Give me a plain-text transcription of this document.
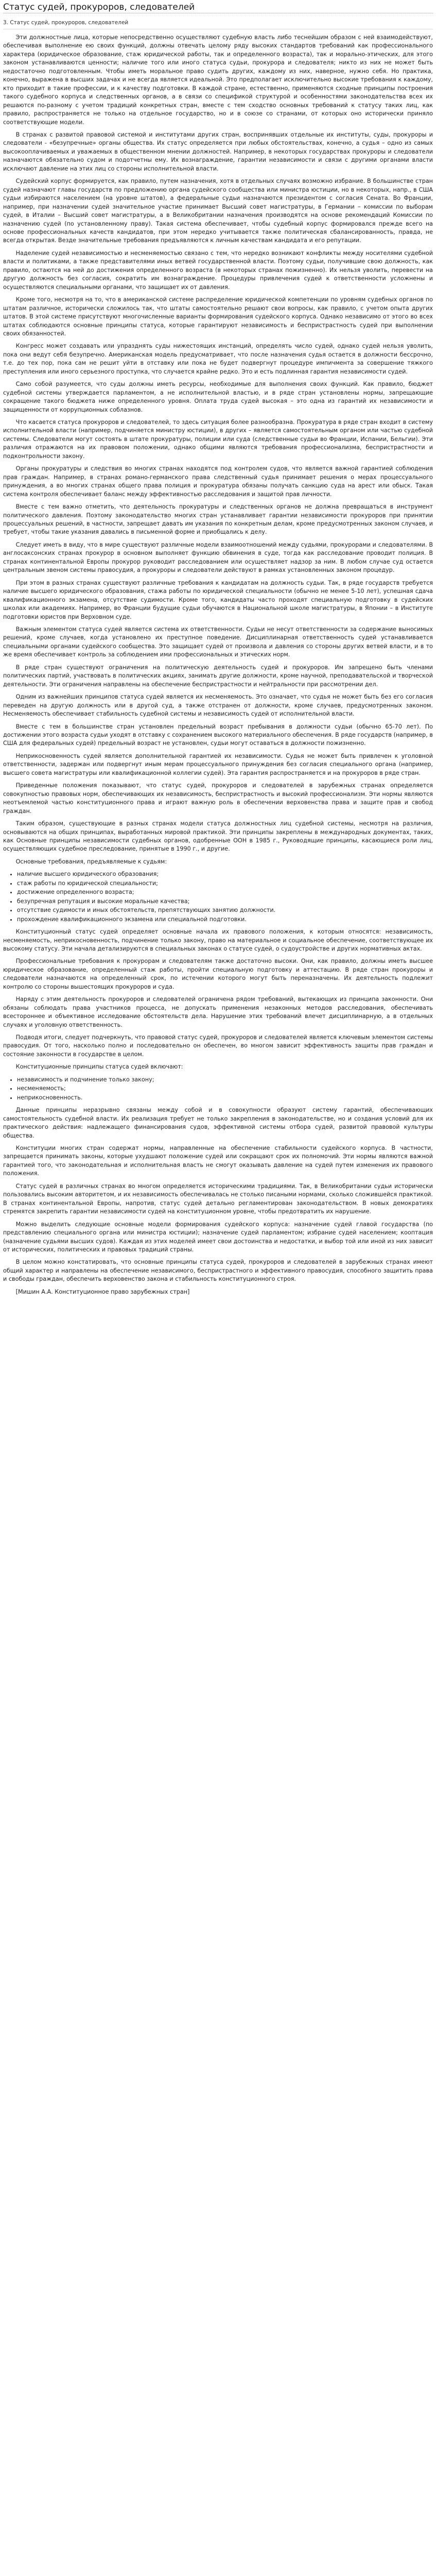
Статус судей, прокуроров, следователей
3. Статус судей, прокуроров, следователей

Эти должностные лица, которые непосредственно осуществляют судебную власть либо теснейшим образом с ней взаимодействуют, обеспечивая выполнение ею своих функций, должны отвечать целому ряду высоких стандартов требований как профессионального характера (юридическое образование, стаж юридической работы, так и определенного возраста), так и морально-этических, для этого законом устанавливаются ценности; наличие того или иного статуса судьи, прокурора и следователя; никто из них не может быть недостаточно подготовленным. Чтобы иметь моральное право судить других, каждому из них, наверное, нужно себя. Но практика, конечно, выражена в высших задачах и не всегда является идеальной. Это предполагает исключительно высокие требования к каждому, кто приходит в такие профессии, и к качеству подготовки. В каждой стране, естественно, применяются сходные принципы построения такого судебного корпуса и следственных органов, а в связи со спецификой структурой и особенностями законодательства всех их решаются по-разному с учетом традиций конкретных стран, вместе с тем сходство основных требований к статусу таких лиц, как правило, распространяется не только на отдельное государство, но и в союзе со странами, от которых оно исторически приняло соответствующие модели.

В странах с развитой правовой системой и институтами других стран, воспринявших отдельные их институты, суды, прокуроры и следователи - «безупречные» органы общества. Их статус определяется при любых обстоятельствах, конечно, а судья – одно из самых высокооплачиваемых и уважаемых в общественном мнении должностей. Например, в некоторых государствах прокуроры и следователи назначаются обязательно судом и подотчетны ему. Их вознаграждение, гарантии независимости и связи с другими органами власти исключают давление на этих лиц со стороны исполнительной власти.

Судейский корпус формируется, как правило, путем назначения, хотя в отдельных случаях возможно избрание. В большинстве стран судей назначают главы государств по предложению органа судейского сообщества или министра юстиции, но в некоторых, напр., в США судьи избираются населением (на уровне штатов), а федеральные судьи назначаются президентом с согласия Сената. Во Франции, например, при назначении судей значительное участие принимает Высший совет магистратуры, в Германии – комиссии по выборам судей, в Италии – Высший совет магистратуры, а в Великобритании назначения производятся на основе рекомендаций Комиссии по назначению судей (по установленному праву). Такая система обеспечивает, чтобы судебный корпус формировался прежде всего на основе профессиональных качеств кандидатов, при этом нередко учитывается также политическая сбалансированность, правда, не всегда открытая. Везде значительные требования предъявляются к личным качествам кандидата и его репутации.

Наделение судей независимостью и несменяемостью связано с тем, что нередко возникают конфликты между носителями судебной власти и политиками, а также представителями иных ветвей государственной власти. Поэтому судьи, получившие свою должность, как правило, остаются на ней до достижения определенного возраста (в некоторых странах пожизненно). Их нельзя уволить, перевести на другую должность без согласия, сократить им вознаграждение. Процедуры привлечения судей к ответственности усложнены и осуществляются специальными органами, что защищает их от давления.

Кроме того, несмотря на то, что в американской системе распределение юридической компетенции по уровням судебных органов по штатам различное, исторически сложилось так, что штаты самостоятельно решают свои вопросы, как правило, с учетом опыта других штатов. В этой системе присутствуют многочисленные варианты формирования судейского корпуса. Однако независимо от этого во всех штатах соблюдаются основные принципы статуса, которые гарантируют независимость и беспристрастность судей при выполнении своих обязанностей.

Конгресс может создавать или упразднять суды нижестоящих инстанций, определять число судей, однако судей нельзя уволить, пока они ведут себя безупречно. Американская модель предусматривает, что после назначения судья остается в должности бессрочно, т.е. до тех пор, пока сам не решит уйти в отставку или пока не будет подвергнут процедуре импичмента за совершение тяжкого преступления или иного серьезного проступка, что случается крайне редко. Это и есть подлинная гарантия независимости судей.

Само собой разумеется, что суды должны иметь ресурсы, необходимые для выполнения своих функций. Как правило, бюджет судебной системы утверждается парламентом, а не исполнительной властью, и в ряде стран установлены нормы, запрещающие сокращение такого бюджета ниже определенного уровня. Оплата труда судей высокая – это одна из гарантий их независимости и защищенности от коррупционных соблазнов.

Что касается статуса прокуроров и следователей, то здесь ситуация более разнообразна. Прокуратура в ряде стран входит в систему исполнительной власти (например, подчиняется министру юстиции), в других – является самостоятельным органом или частью судебной системы. Следователи могут состоять в штате прокуратуры, полиции или суда (следственные судьи во Франции, Испании, Бельгии). Эти различия отражаются на их правовом положении, однако общими являются требования профессионализма, беспристрастности и подконтрольности закону.

Органы прокуратуры и следствия во многих странах находятся под контролем судов, что является важной гарантией соблюдения прав граждан. Например, в странах романо-германского права следственный судья принимает решения о мерах процессуального принуждения, а во многих странах общего права полиция и прокуратура обязаны получать санкцию суда на арест или обыск. Такая система контроля обеспечивает баланс между эффективностью расследования и защитой прав личности.

Вместе с тем важно отметить, что деятельность прокуратуры и следственных органов не должна превращаться в инструмент политического давления. Поэтому законодательство многих стран устанавливает гарантии независимости прокуроров при принятии процессуальных решений, в частности, запрещает давать им указания по конкретным делам, кроме предусмотренных законом случаев, и требует, чтобы такие указания давались в письменной форме и приобщались к делу.

Следует иметь в виду, что в мире существуют различные модели взаимоотношений между судьями, прокурорами и следователями. В англосаксонских странах прокурор в основном выполняет функцию обвинения в суде, тогда как расследование проводит полиция. В странах континентальной Европы прокурор руководит расследованием или осуществляет надзор за ним. В любом случае суд остается центральным звеном системы правосудия, а прокуроры и следователи действуют в рамках установленных законом процедур.

При этом в разных странах существуют различные требования к кандидатам на должность судьи. Так, в ряде государств требуется наличие высшего юридического образования, стажа работы по юридической специальности (обычно не менее 5-10 лет), успешная сдача квалификационного экзамена, отсутствие судимости. Кроме того, кандидаты часто проходят специальную подготовку в судейских школах или академиях. Например, во Франции будущие судьи обучаются в Национальной школе магистратуры, в Японии – в Институте подготовки юристов при Верховном суде.

Важным элементом статуса судей является система их ответственности. Судьи не несут ответственности за содержание выносимых решений, кроме случаев, когда установлено их преступное поведение. Дисциплинарная ответственность судей устанавливается специальными органами судейского сообщества. Это защищает судей от произвола и давления со стороны других ветвей власти, и в то же время обеспечивает контроль за соблюдением ими профессиональных и этических норм.

В ряде стран существуют ограничения на политическую деятельность судей и прокуроров. Им запрещено быть членами политических партий, участвовать в политических акциях, занимать другие должности, кроме научной, преподавательской и творческой деятельности. Эти ограничения направлены на обеспечение беспристрастности и нейтральности при рассмотрении дел.

Одним из важнейших принципов статуса судей является их несменяемость. Это означает, что судья не может быть без его согласия переведен на другую должность или в другой суд, а также отстранен от должности, кроме случаев, предусмотренных законом. Несменяемость обеспечивает стабильность судебной системы и независимость судей от исполнительной власти.

Вместе с тем в большинстве стран установлен предельный возраст пребывания в должности судьи (обычно 65-70 лет). По достижении этого возраста судьи уходят в отставку с сохранением высокого материального обеспечения. В ряде государств (например, в США для федеральных судей) предельный возраст не установлен, судьи могут оставаться в должности пожизненно.

Неприкосновенность судей является дополнительной гарантией их независимости. Судья не может быть привлечен к уголовной ответственности, задержан или подвергнут иным мерам процессуального принуждения без согласия специального органа (например, высшего совета магистратуры или квалификационной коллегии судей). Эта гарантия распространяется и на прокуроров в ряде стран.

Приведенные положения показывают, что статус судей, прокуроров и следователей в зарубежных странах определяется совокупностью правовых норм, обеспечивающих их независимость, беспристрастность и высокий профессионализм. Эти нормы являются неотъемлемой частью конституционного права и играют важную роль в обеспечении верховенства права и защите прав и свобод граждан.

Таким образом, существующие в разных странах модели статуса должностных лиц судебной системы, несмотря на различия, основываются на общих принципах, выработанных мировой практикой. Эти принципы закреплены в международных документах, таких, как Основные принципы независимости судебных органов, одобренные ООН в 1985 г., Руководящие принципы, касающиеся роли лиц, осуществляющих судебное преследование, принятые в 1990 г., и другие.

Основные требования, предъявляемые к судьям:

• наличие высшего юридического образования;
• стаж работы по юридической специальности;
• достижение определенного возраста;
• безупречная репутация и высокие моральные качества;
• отсутствие судимости и иных обстоятельств, препятствующих занятию должности.
• прохождение квалификационного экзамена или специальной подготовки.

Конституционный статус судей определяет основные начала их правового положения, к которым относятся: независимость, несменяемость, неприкосновенность, подчинение только закону, право на материальное и социальное обеспечение, соответствующее их высокому статусу. Эти начала детализируются в специальных законах о статусе судей, о судоустройстве и других нормативных актах.

Профессиональные требования к прокурорам и следователям также достаточно высоки. Они, как правило, должны иметь высшее юридическое образование, определенный стаж работы, пройти специальную подготовку и аттестацию. В ряде стран прокуроры и следователи назначаются на определенный срок, по истечении которого могут быть переназначены. Их деятельность подлежит контролю со стороны вышестоящих прокуроров и суда.

Наряду с этим деятельность прокуроров и следователей ограничена рядом требований, вытекающих из принципа законности. Они обязаны соблюдать права участников процесса, не допускать применения незаконных методов расследования, обеспечивать всестороннее и объективное исследование обстоятельств дела. Нарушение этих требований влечет дисциплинарную, а в отдельных случаях и уголовную ответственность.

Подводя итоги, следует подчеркнуть, что правовой статус судей, прокуроров и следователей является ключевым элементом системы правосудия. От того, насколько полно и последовательно он обеспечен, во многом зависит эффективность защиты прав граждан и состояние законности в государстве в целом.

Конституционные принципы статуса судей включают:

• независимость и подчинение только закону;
• несменяемость;
• неприкосновенность.

Данные принципы неразрывно связаны между собой и в совокупности образуют систему гарантий, обеспечивающих самостоятельность судебной власти. Их реализация требует не только закрепления в законодательстве, но и создания условий для их практического действия: надлежащего финансирования судов, эффективной системы отбора судей, развитой правовой культуры общества.

Конституции многих стран содержат нормы, направленные на обеспечение стабильности судейского корпуса. В частности, запрещается принимать законы, которые ухудшают положение судей или сокращают срок их полномочий. Эти нормы являются важной гарантией того, что законодательная и исполнительная власть не смогут оказывать давление на судей путем изменения их правового положения.

Статус судей в различных странах во многом определяется историческими традициями. Так, в Великобритании судьи исторически пользовались высоким авторитетом, и их независимость обеспечивалась не столько писаными нормами, сколько сложившейся практикой. В странах континентальной Европы, напротив, статус судей детально регламентирован законодательством. В новых демократиях стремятся закрепить гарантии независимости судей на конституционном уровне, чтобы предотвратить их нарушение.

Можно выделить следующие основные модели формирования судейского корпуса: назначение судей главой государства (по представлению специального органа или министра юстиции); назначение судей парламентом; избрание судей населением; кооптация (назначение судьями высших судов). Каждая из этих моделей имеет свои достоинства и недостатки, и выбор той или иной из них зависит от исторических, политических и правовых традиций страны.

В целом можно констатировать, что основные принципы статуса судей, прокуроров и следователей в зарубежных странах имеют общий характер и направлены на обеспечение независимого, беспристрастного и эффективного правосудия, способного защитить права и свободы граждан, обеспечить верховенство закона и стабильность конституционного строя.

[Мишин А.А. Конституционное право зарубежных стран]
